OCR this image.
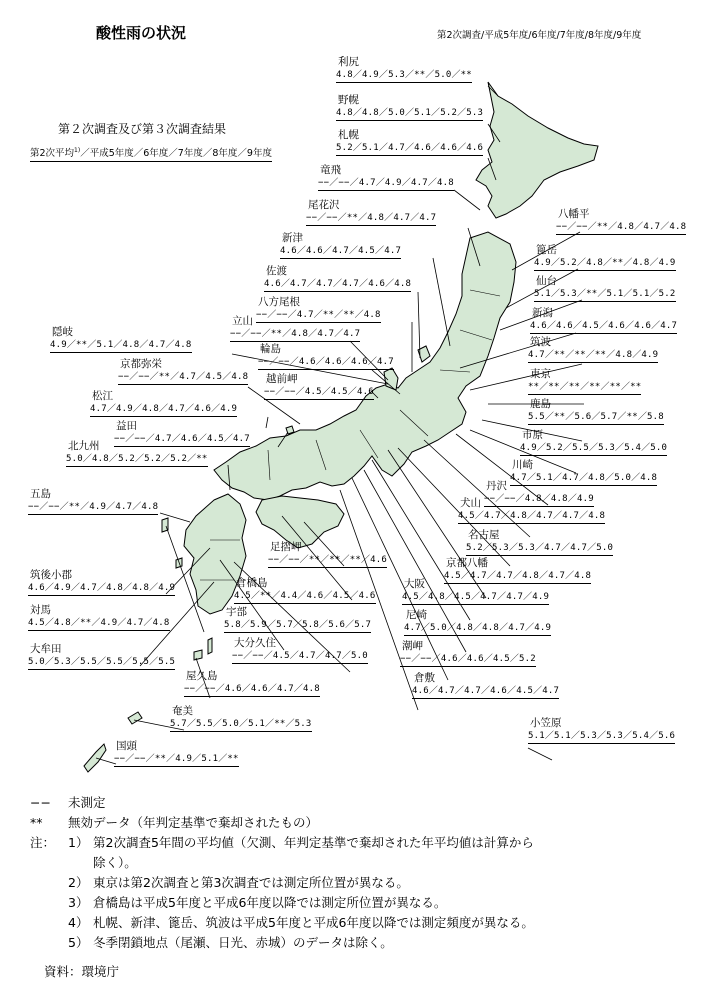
酸性雨の状況	第2次調査/平成5年度/6年度/7年度/8年度/9年度
第２次調査及び第３次調査結果
第2次平均$^{1)}$／平成5年度／6年度／7年度／8年度／9年度
利尻
4.8／4.9／5.3／**／5.0／**
野幌
4.8／4.8／5.0／5.1／5.2／5.3
札幌
5.2／5.1／4.7／4.6／4.6／4.6
竜飛
−−／−−／4.7／4.9／4.7／4.8
尾花沢
−−／−−／**／4.8／4.7／4.7
新津
4.6／4.6／4.7／4.5／4.7
佐渡
4.6／4.7／4.7／4.7／4.6／4.8
八方尾根
−−／−−／4.7／**／**／4.8
立山
−−／−−／**／4.8／4.7／4.7
輪島
−−／−−／4.6／4.6／4.6／4.7
越前岬
−−／−−／4.5／4.5／4.6
隠岐
4.9／**／5.1／4.8／4.7／4.8
京都弥栄
−−／−−／**／4.7／4.5／4.8
松江
4.7／4.9／4.8／4.7／4.6／4.9
益田
−−／−−／4.7／4.6／4.5／4.7
北九州
5.0／4.8／5.2／5.2／5.2／**
五島
−−／−−／**／4.9／4.7／4.8
筑後小郡
4.6／4.9／4.7／4.8／4.8／4.9
対馬
4.5／4.8／**／4.9／4.7／4.8
大牟田
5.0／5.3／5.5／5.5／5.5／5.5
足摺岬
−−／−−／**／**／**／4.6
倉橋島
4.5／**／4.4／4.6／4.5／4.6
宇部
5.8／5.9／5.7／5.8／5.6／5.7
大分久住
−−／−−／4.5／4.7／4.7／5.0
屋久島
−−／−−／4.6／4.6／4.7／4.8
奄美
5.7／5.5／5.0／5.1／**／5.3
国頭
−−／−−／**／4.9／5.1／**
八幡平
−−／−−／**／4.8／4.7／4.8
篦岳
4.9／5.2／4.8／**／4.8／4.9
仙台
5.1／5.3／**／5.1／5.1／5.2
新潟
4.6／4.6／4.5／4.6／4.6／4.7
筑波
4.7／**／**／**／4.8／4.9
東京
**／**／**／**／**／**
鹿島
5.5／**／5.6／5.7／**／5.8
市原
4.9／5.2／5.5／5.3／5.4／5.0
川崎
4.7／5.1／4.7／4.8／5.0／4.8
丹沢
−−／−−／4.8／4.8／4.9
犬山
4.5／4.7／4.8／4.7／4.7／4.8
名古屋
5.2／5.3／5.3／4.7／4.7／5.0
京都八幡
4.5／4.7／4.7／4.8／4.7／4.8
大阪
4.5／4.8／4.5／4.7／4.7／4.9
尼崎
4.7／5.0／4.8／4.8／4.7／4.9
潮岬
−−／−−／4.6／4.6／4.5／5.2
倉敷
4.6／4.7／4.7／4.6／4.5／4.7
小笠原
5.1／5.1／5.3／5.3／5.4／5.6
−− 未測定
** 無効データ（年判定基準で棄却されたもの）
注： 1） 第2次調査5年間の平均値（欠測、年判定基準で棄却された年平均値は計算から
除く）。
2） 東京は第2次調査と第3次調査では測定所位置が異なる。
3） 倉橋島は平成5年度と平成6年度以降では測定所位置が異なる。
4） 札幌、新津、篦岳、筑波は平成5年度と平成6年度以降では測定頻度が異なる。
5） 冬季閉鎖地点（尾瀬、日光、赤城）のデータは除く。
資料：環境庁
